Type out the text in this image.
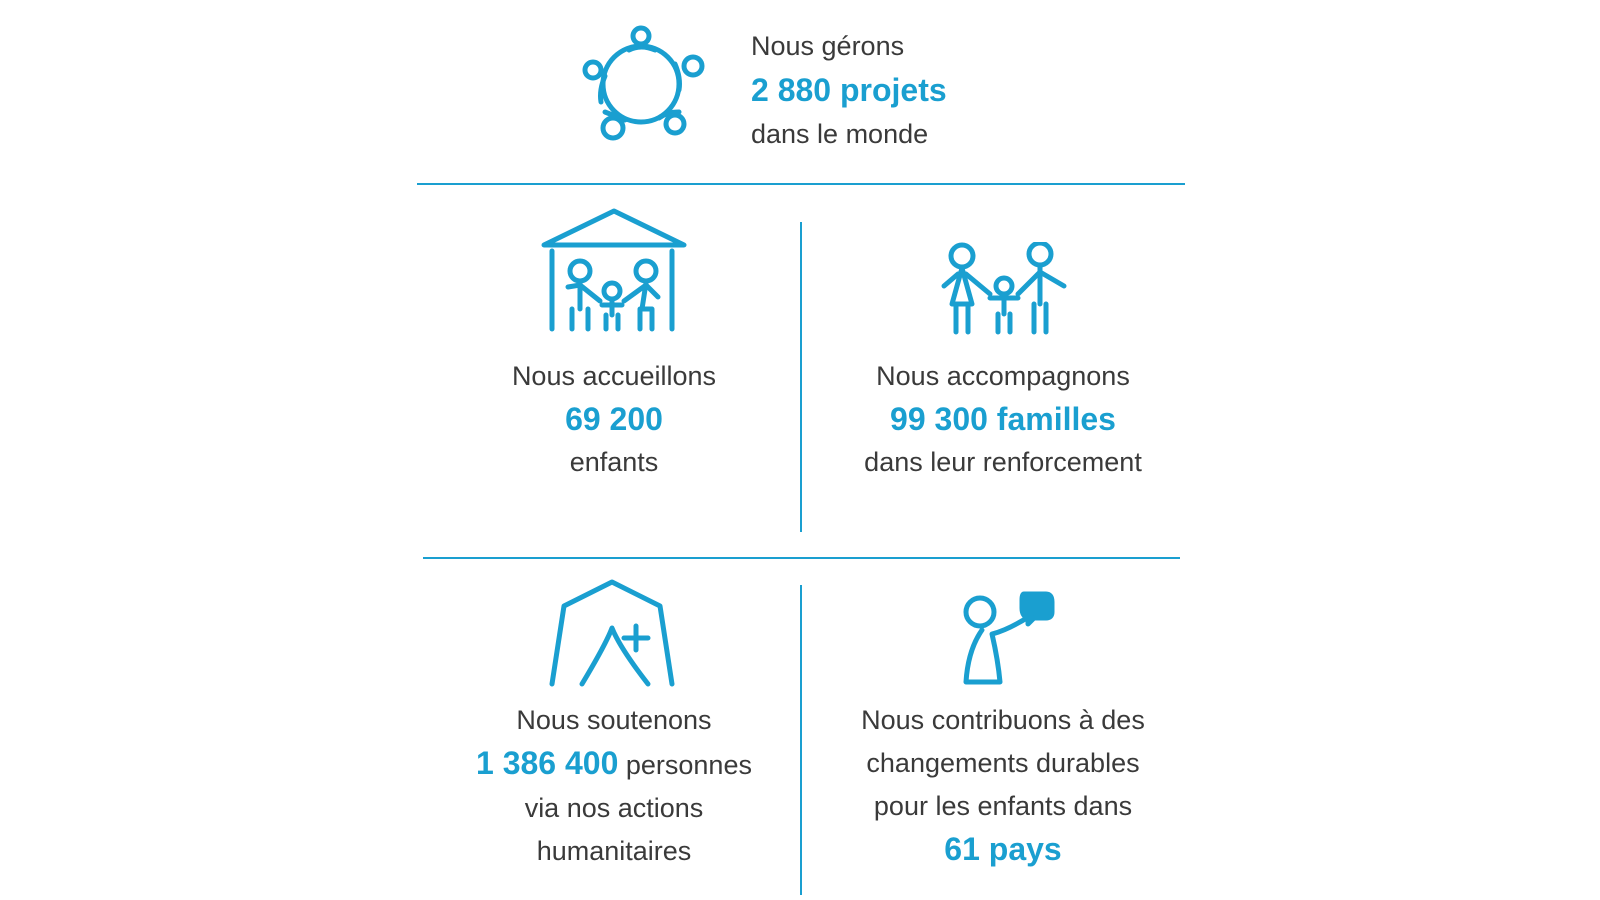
Nous gérons
2 880 projets
dans le monde
Nous accueillons
69 200
enfants
Nous accompagnons
99 300 familles
dans leur renforcement
Nous soutenons
1 386 400 personnes
via nos actions
humanitaires
Nous contribuons à des
changements durables
pour les enfants dans
61 pays
